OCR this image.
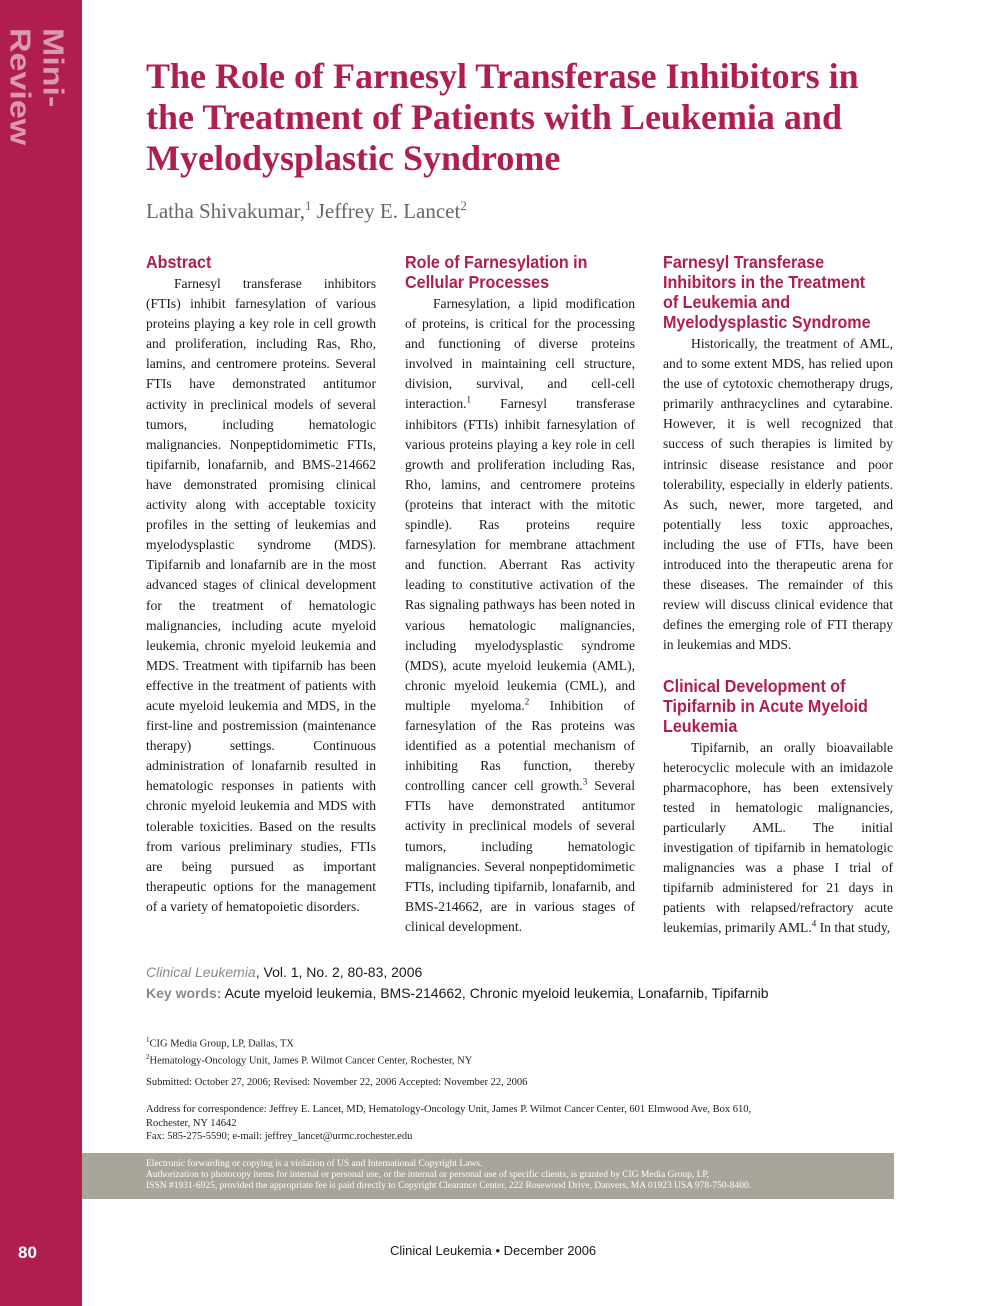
Mini-Review
80
The Role of Farnesyl Transferase Inhibitors in the Treatment of Patients with Leukemia and Myelodysplastic Syndrome
Latha Shivakumar,$^1$ Jeffrey E. Lancet$^2$
Abstract

Farnesyl transferase inhibitors (FTIs) inhibit farnesylation of various proteins playing a key role in cell growth and proliferation, including Ras, Rho, lamins, and centromere proteins. Several FTIs have demonstrated antitumor activity in preclinical models of several tumors, including hematologic malignancies. Nonpeptidomimetic FTIs, tipifarnib, lonafarnib, and BMS-214662 have demonstrated promising clinical activity along with acceptable toxicity profiles in the setting of leukemias and myelodysplastic syndrome (MDS). Tipifarnib and lonafarnib are in the most advanced stages of clinical development for the treatment of hematologic malignancies, including acute myeloid leukemia, chronic myeloid leukemia and MDS. Treatment with tipifarnib has been effective in the treatment of patients with acute myeloid leukemia and MDS, in the first-line and postremission (maintenance therapy) settings. Continuous administration of lonafarnib resulted in hematologic responses in patients with chronic myeloid leukemia and MDS with tolerable toxicities. Based on the results from various preliminary studies, FTIs are being pursued as important therapeutic options for the management of a variety of hematopoietic disorders.

Role of Farnesylation in Cellular Processes

Farnesylation, a lipid modification of proteins, is critical for the processing and functioning of diverse proteins involved in maintaining cell structure, division, survival, and cell-cell interaction.$^1$ Farnesyl transferase inhibitors (FTIs) inhibit farnesylation of various proteins playing a key role in cell growth and proliferation including Ras, Rho, lamins, and centromere proteins (proteins that interact with the mitotic spindle). Ras proteins require farnesylation for membrane attachment and function. Aberrant Ras activity leading to constitutive activation of the Ras signaling pathways has been noted in various hematologic malignancies, including myelodysplastic syndrome (MDS), acute myeloid leukemia (AML), chronic myeloid leukemia (CML), and multiple myeloma.$^2$ Inhibition of farnesylation of the Ras proteins was identified as a potential mechanism of inhibiting Ras function, thereby controlling cancer cell growth.$^3$ Several FTIs have demonstrated antitumor activity in preclinical models of several tumors, including hematologic malignancies. Several nonpeptidomimetic FTIs, including tipifarnib, lonafarnib, and BMS-214662, are in various stages of clinical development.

Farnesyl Transferase Inhibitors in the Treatment of Leukemia and Myelodysplastic Syndrome

Historically, the treatment of AML, and to some extent MDS, has relied upon the use of cytotoxic chemotherapy drugs, primarily anthracyclines and cytarabine. However, it is well recognized that success of such therapies is limited by intrinsic disease resistance and poor tolerability, especially in elderly patients. As such, newer, more targeted, and potentially less toxic approaches, including the use of FTIs, have been introduced into the therapeutic arena for these diseases. The remainder of this review will discuss clinical evidence that defines the emerging role of FTI therapy in leukemias and MDS.

Clinical Development of Tipifarnib in Acute Myeloid Leukemia

Tipifarnib, an orally bioavailable heterocyclic molecule with an imidazole pharmacophore, has been extensively tested in hematologic malignancies, particularly AML. The initial investigation of tipifarnib in hematologic malignancies was a phase I trial of tipifarnib administered for 21 days in patients with relapsed/refractory acute leukemias, primarily AML.$^4$ In that study,

Clinical Leukemia, Vol. 1, No. 2, 80-83, 2006
Key words: Acute myeloid leukemia, BMS-214662, Chronic myeloid leukemia, Lonafarnib, Tipifarnib
$^1$CIG Media Group, LP, Dallas, TX
$^2$Hematology-Oncology Unit, James P. Wilmot Cancer Center, Rochester, NY
Submitted: October 27, 2006; Revised: November 22, 2006 Accepted: November 22, 2006
Address for correspondence: Jeffrey E. Lancet, MD, Hematology-Oncology Unit, James P. Wilmot Cancer Center, 601 Elmwood Ave, Box 610,
Rochester, NY 14642
Fax: 585-275-5590; e-mail: jeffrey_lancet@urmc.rochester.edu
Electronic forwarding or copying is a violation of US and International Copyright Laws.
Authorization to photocopy items for internal or personal use, or the internal or personal use of specific clients, is granted by CIG Media Group, LP,
ISSN #1931-6925, provided the appropriate fee is paid directly to Copyright Clearance Center, 222 Rosewood Drive, Danvers, MA 01923 USA 978-750-8400.
Clinical Leukemia • December 2006
